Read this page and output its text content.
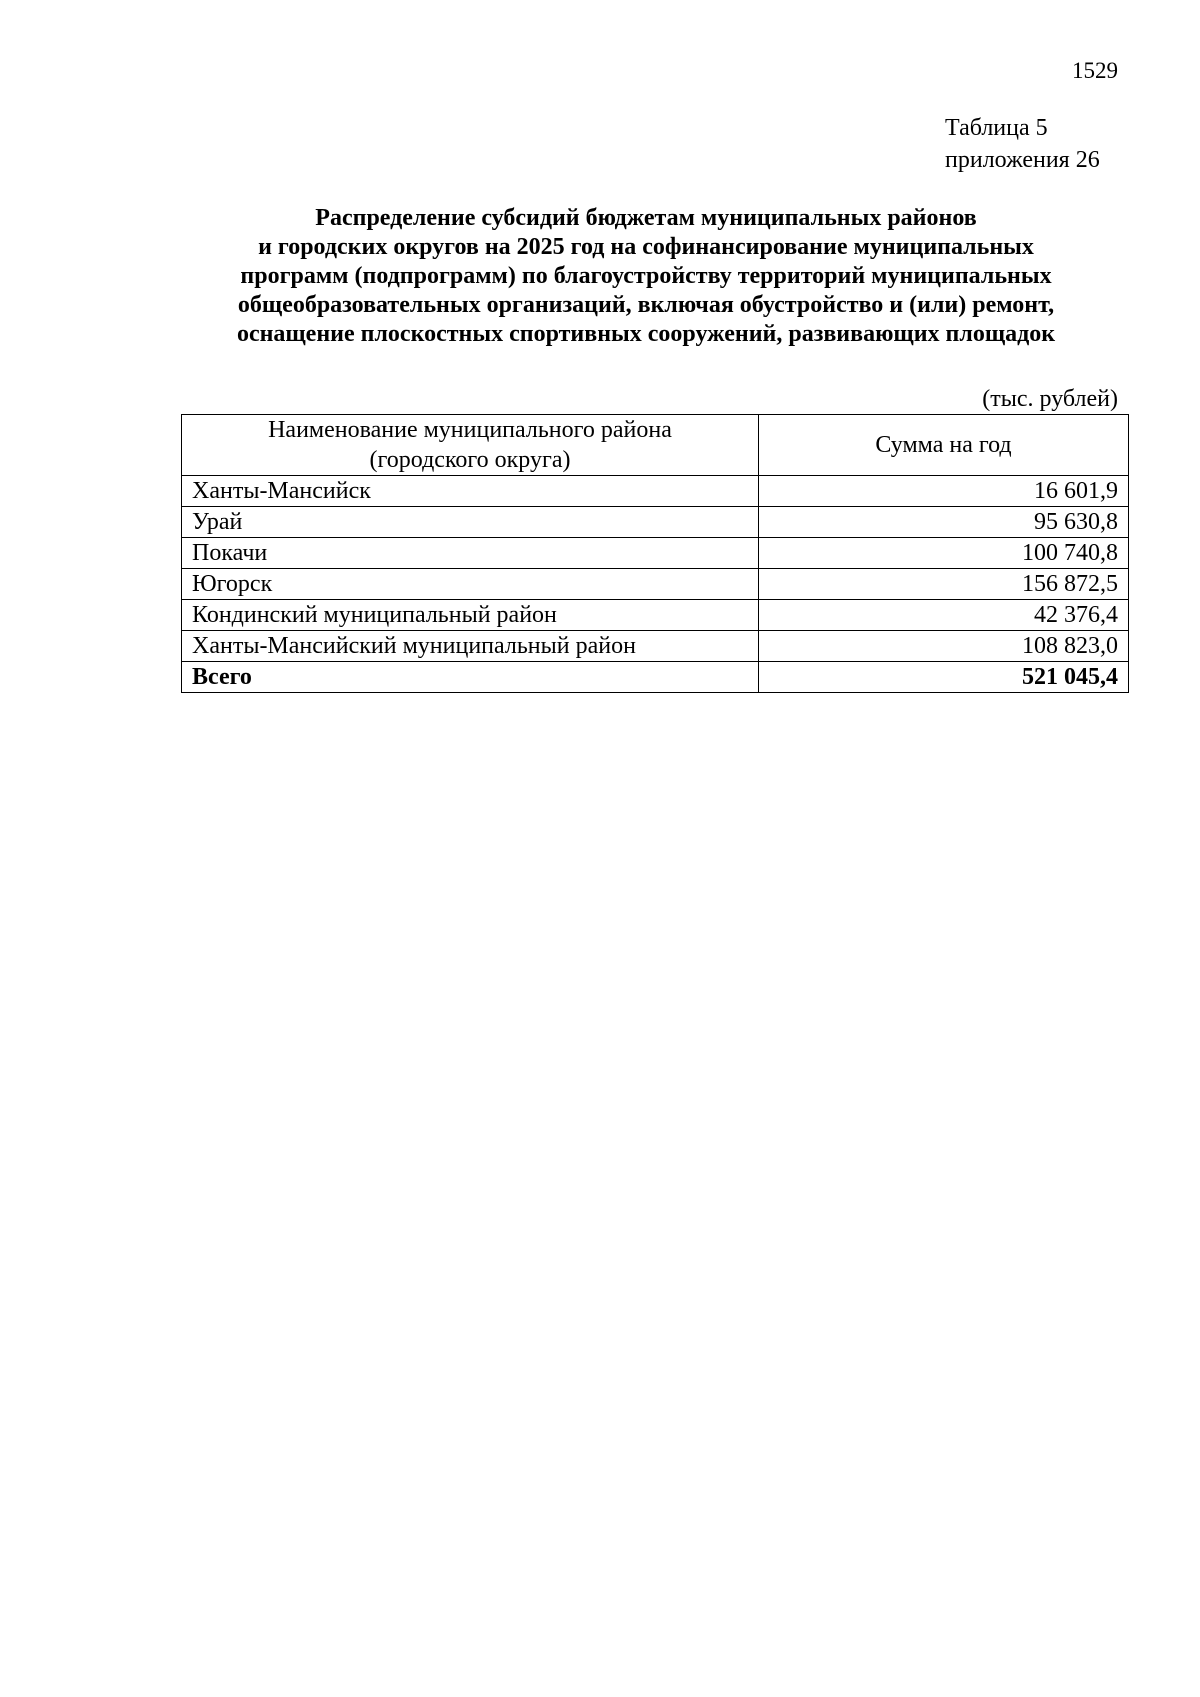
1529
Таблица 5
приложения 26
Распределение субсидий бюджетам муниципальных районов
и городских округов на 2025 год на софинансирование муниципальных
программ (подпрограмм) по благоустройству территорий муниципальных
общеобразовательных организаций, включая обустройство и (или) ремонт,
оснащение плоскостных спортивных сооружений, развивающих площадок
(тыс. рублей)
Наименование муниципального района
(городского округа)	Сумма на год
Ханты-Мансийск	16 601,9
Урай	95 630,8
Покачи	100 740,8
Югорск	156 872,5
Кондинский муниципальный район	42 376,4
Ханты-Мансийский муниципальный район	108 823,0
Всего	521 045,4
